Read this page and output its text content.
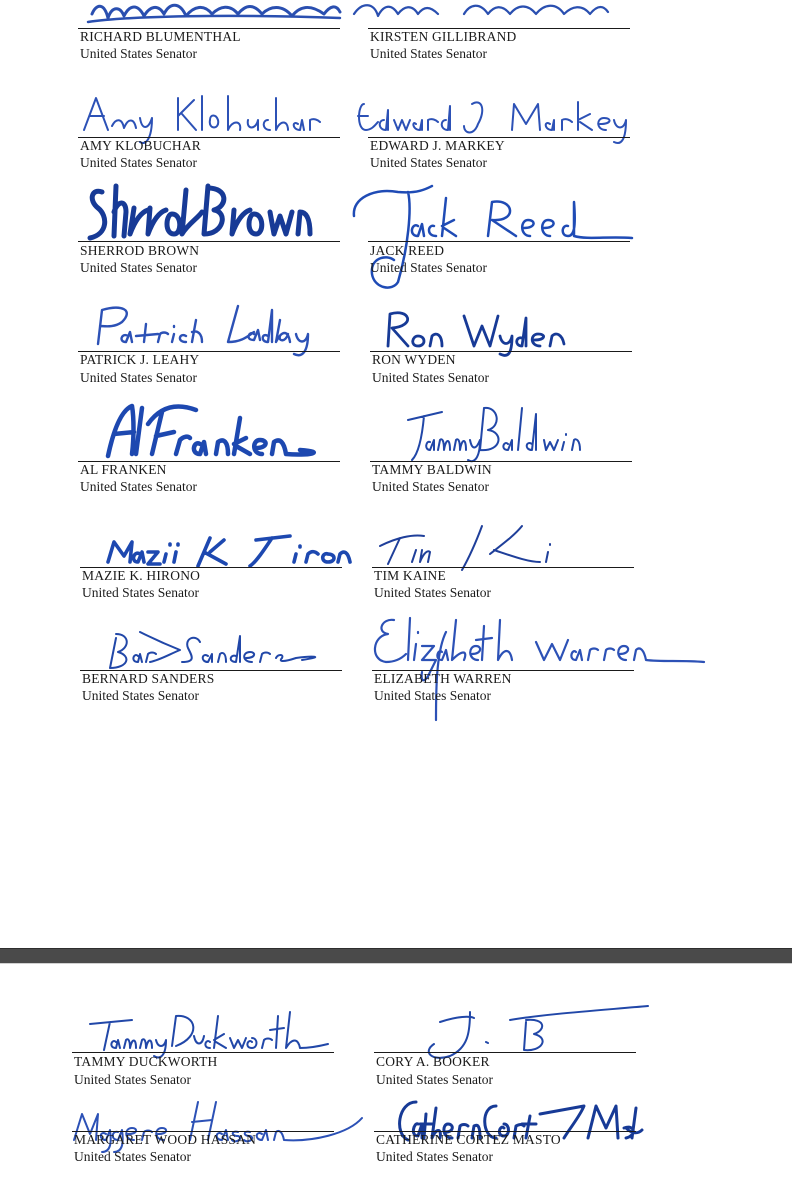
RICHARD BLUMENTHAL
United States Senator
KIRSTEN GILLIBRAND
United States Senator
AMY KLOBUCHAR
United States Senator
EDWARD J. MARKEY
United States Senator
SHERROD BROWN
United States Senator
JACK REED
United States Senator
PATRICK J. LEAHY
United States Senator
RON WYDEN
United States Senator
AL FRANKEN
United States Senator
TAMMY BALDWIN
United States Senator
MAZIE K. HIRONO
United States Senator
TIM KAINE
United States Senator
BERNARD SANDERS
United States Senator
ELIZABETH WARREN
United States Senator
TAMMY DUCKWORTH
United States Senator
CORY A. BOOKER
United States Senator
MARGARET WOOD HASSAN
United States Senator
CATHERINE CORTEZ MASTO
United States Senator
